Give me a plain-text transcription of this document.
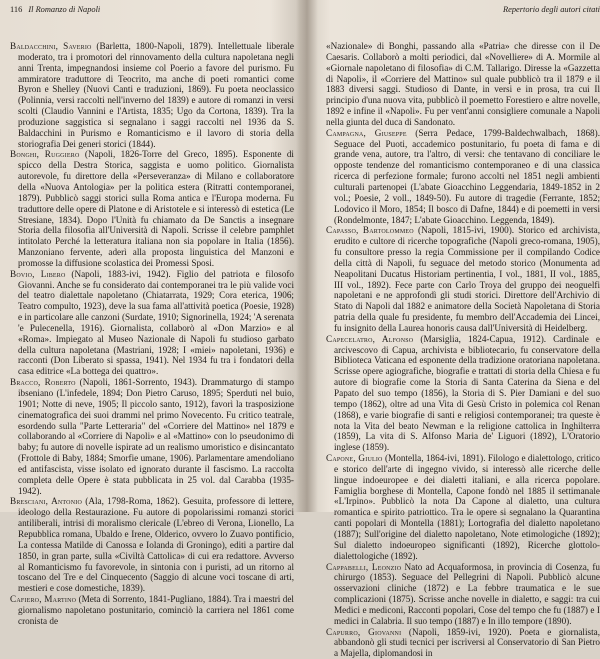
116 Il Romanzo di Napoli

Baldacchini, Saverio (Barletta, 1800-Napoli, 1879). Intellettuale liberale moderato, tra i promotori del rinnovamento della cultura napoletana negli anni Trenta, impegnandosi insieme col Poerio a favore del purismo. Fu ammiratore traduttore di Teocrito, ma anche di poeti romantici come Byron e Shelley (Nuovi Canti e traduzioni, 1869). Fu poeta neoclassico (Polinnia, versi raccolti nell'inverno del 1839) e autore di romanzi in versi scolti (Claudio Vannini e l'Artista, 1835; Ugo da Cortona, 1839). Tra la produzione saggistica si segnalano i saggi raccolti nel 1936 da S. Baldacchini in Purismo e Romanticismo e il lavoro di storia della storiografia Dei generi storici (1844).

Bonghi, Ruggiero (Napoli, 1826-Torre del Greco, 1895). Esponente di spicco della Destra Storica, saggista e uomo politico. Giornalista autorevole, fu direttore della «Perseveranza» di Milano e collaboratore della «Nuova Antologia» per la politica estera (Ritratti contemporanei, 1879). Pubblicò saggi storici sulla Roma antica e l'Europa moderna. Fu traduttore delle opere di Platone e di Aristotele e si interessò di estetica (Le Stresiane, 1834). Dopo l'Unità fu chiamato da De Sanctis a insegnare Storia della filosofia all'Università di Napoli. Scrisse il celebre pamphlet intitolato Perché la letteratura italiana non sia popolare in Italia (1856). Manzoniano fervente, aderì alla proposta linguistica del Manzoni e promosse la diffusione scolastica dei Promessi Sposi.

Bovio, Libero (Napoli, 1883-ivi, 1942). Figlio del patriota e filosofo Giovanni. Anche se fu considerato dai contemporanei tra le più valide voci del teatro dialettale napoletano (Chiatarrata, 1929; Cora eterica, 1906; Teatro compulto, 1923), deve la sua fama all'attività poetica (Poesie, 1928) e in particolare alle canzoni (Surdate, 1910; Signorinella, 1924; 'A serenata 'e Pulecenella, 1916). Giornalista, collaborò al «Don Marzio» e al «Roma». Impiegato al Museo Nazionale di Napoli fu studioso garbato della cultura napoletana (Mastriani, 1928; I «miei» napoletani, 1936) e racconti (Don Liberato si spassa, 1941). Nel 1934 fu tra i fondatori della casa editrice «La bottega dei quattro».

Bracco, Roberto (Napoli, 1861-Sorrento, 1943). Drammaturgo di stampo ibseniano (L'infedele, 1894; Don Pietro Caruso, 1895; Sperduti nel buio, 1901; Notte di neve, 1905; Il piccolo santo, 1912), favorì la trasposizione cinematografica dei suoi drammi nel primo Novecento. Fu critico teatrale, esordendo sulla "Parte Letteraria" del «Corriere del Mattino» nel 1879 e collaborando al «Corriere di Napoli» e al «Mattino» con lo pseudonimo di baby; fu autore di novelle ispirate ad un realismo umoristico e disincantato (Frottole di Baby, 1884; Smorfie umane, 1906). Parlamentare amendoliano ed antifascista, visse isolato ed ignorato durante il fascismo. La raccolta completa delle Opere è stata pubblicata in 25 vol. dal Carabba (1935-1942).

Bresciani, Antonio (Ala, 1798-Roma, 1862). Gesuita, professore di lettere, ideologo della Restaurazione. Fu autore di popolarissimi romanzi storici antiliberali, intrisi di moralismo clericale (L'ebreo di Verona, Lionello, La Repubblica romana, Ubaldo e Irene, Olderico, ovvero lo Zuavo pontificio, La contessa Matilde di Canossa e Iolanda di Groningo), editi a partire dal 1850, in gran parte, sulla «Civiltà Cattolica» di cui era redattore. Avverso al Romanticismo fu favorevole, in sintonia con i puristi, ad un ritorno al toscano del Tre e del Cinquecento (Saggio di alcune voci toscane di arti, mestieri e cose domestiche, 1839).

Cafiero, Martino (Meta di Sorrento, 1841-Pugliano, 1884). Tra i maestri del giornalismo napoletano postunitario, cominciò la carriera nel 1861 come cronista de

Repertorio degli autori citati

«Nazionale» di Bonghi, passando alla «Patria» che diresse con il De Caesaris. Collaborò a molti periodici, dal «Novelliere» di A. Mormile al «Giornale napoletano di filosofia» di C.M. Tallarigo. Diresse la «Gazzetta di Napoli», il «Corriere del Mattino» sul quale pubblicò tra il 1879 e il 1883 diversi saggi. Studioso di Dante, in versi e in prosa, tra cui Il principio d'una nuova vita, pubblicò il poemetto Forestiero e altre novelle, 1892 e infine il «Napoli». Fu per vent'anni consigliere comunale a Napoli nella giunta del duca di Sandonato.

Campagna, Giuseppe (Serra Pedace, 1799-Baldechwalbach, 1868). Seguace del Puoti, accademico postunitario, fu poeta di fama e di grande vena, autore, tra l'altro, di versi: che tentavano di conciliare le opposte tendenze del romanticismo contemporaneo e di una classica ricerca di perfezione formale; furono accolti nel 1851 negli ambienti culturali partenopei (L'abate Gioacchino Leggendaria, 1849-1852 in 2 vol.; Poesie, 2 voll., 1849-50). Fu autore di tragedie (Ferrante, 1852; Lodovico il Moro, 1854; Il bosco di Dafne, 1844) e di poemetti in versi (Rondelmonte, 1847; L'abate Gioacchino. Leggenda, 1849).

Capasso, Bartolommeo (Napoli, 1815-ivi, 1900). Storico ed archivista, erudito e cultore di ricerche topografiche (Napoli greco-romana, 1905), fu consultore presso la regia Commissione per il compilando Codice della città di Napoli, fu seguace del metodo storico (Monumenta ad Neapolitani Ducatus Historiam pertinentia, I vol., 1881, II vol., 1885, III vol., 1892). Fece parte con Carlo Troya del gruppo dei neoguelfi napoletani e ne approfondì gli studi storici. Direttore dell'Archivio di Stato di Napoli dal 1882 e animatore della Società Napoletana di Storia patria della quale fu presidente, fu membro dell'Accademia dei Lincei, fu insignito della Laurea honoris causa dall'Università di Heidelberg.

Capecelatro, Alfonso (Marsiglia, 1824-Capua, 1912). Cardinale e arcivescovo di Capua, archivista e bibliotecario, fu conservatore della Biblioteca Vaticana ed esponente della tradizione oratoriana napoletana. Scrisse opere agiografiche, biografie e trattati di storia della Chiesa e fu autore di biografie come la Storia di Santa Caterina da Siena e del Papato del suo tempo (1856), la Storia di S. Pier Damiani e del suo tempo (1862), oltre ad una Vita di Gesù Cristo in polemica col Renan (1868), e varie biografie di santi e religiosi contemporanei; tra queste è nota la Vita del beato Newman e la religione cattolica in Inghilterra (1859), La vita di S. Alfonso Maria de' Liguori (1892), L'Oratorio inglese (1859).

Capone, Giulio (Montella, 1864-ivi, 1891). Filologo e dialettologo, critico e storico dell'arte di ingegno vivido, si interessò alle ricerche delle lingue indoeuropee e dei dialetti italiani, e alla ricerca popolare. Famiglia borghese di Montella, Capone fondò nel 1885 il settimanale «L'Irpino». Pubblicò la nota Da Capone al dialetto, una cultura romantica e spirito patriottico. Tra le opere si segnalano la Quarantina canti popolari di Montella (1881); Lortografia del dialetto napoletano (1887); Sull'origine del dialetto napoletano, Note etimologiche (1892); Sul dialetto indoeuropeo significanti (1892), Ricerche glottolo-dialettologiche (1892).

Cappabelli, Leonzio Nato ad Acquaformosa, in provincia di Cosenza, fu chirurgo (1853). Seguace del Pellegrini di Napoli. Pubblicò alcune osservazioni cliniche (1872) e La febbre traumatica e le sue complicazioni (1875). Scrisse anche novelle in dialetto, e saggi: tra cui Medici e mediconi, Racconti popolari, Cose del tempo che fu (1887) e I medici in Calabria. Il suo tempo (1887) e In illo tempore (1890).

Capurro, Giovanni (Napoli, 1859-ivi, 1920). Poeta e giornalista, abbandonò gli studi tecnici per iscriversi al Conservatorio di San Pietro a Majella, diplomandosi in
